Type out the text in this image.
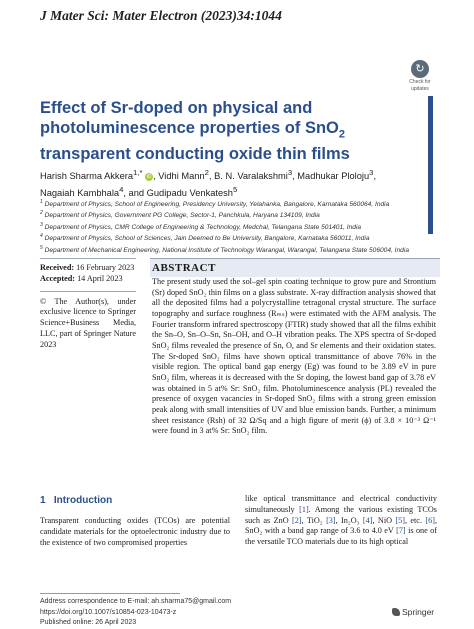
J Mater Sci: Mater Electron (2023)34:1044
↻
Check for
updates
Effect of Sr-doped on physical and photoluminescence properties of SnO$_2$ transparent conducting oxide thin films
Harish Sharma Akkera$^{1,*}$ iD , Vidhi Mann$^2$, B. N. Varalakshmi$^3$, Madhukar Ploloju$^3$,
Nagaiah Kambhala$^4$, and Gudipadu Venkatesh$^5$
$^1$ Department of Physics, School of Engineering, Presidency University, Yelahanka, Bangalore, Karnataka 560064, India
$^2$ Department of Physics, Government PG College, Sector-1, Panchkula, Haryana 134109, India
$^3$ Department of Physics, CMR College of Engineering & Technology, Medchal, Telangana State 501401, India
$^4$ Department of Physics, School of Sciences, Jain Deemed to Be University, Bangalore, Karnataka 560011, India
$^5$ Department of Mechanical Engineering, National Institute of Technology Warangal, Warangal, Telangana State 506004, India
Received: 16 February 2023
Accepted: 14 April 2023
© The Author(s), under exclusive licence to Springer Science+Business Media, LLC, part of Springer Nature 2023
ABSTRACT
The present study used the sol–gel spin coating technique to grow pure and Strontium (Sr) doped SnO₂ thin films on a glass substrate. X-ray diffraction analysis showed that all the deposited films had a polycrystalline tetragonal crystal structure. The surface topography and surface roughness (Rₘₛ) were estimated with the AFM analysis. The Fourier transform infrared spectroscopy (FTIR) study showed that all the films exhibit the Sn–O, Sn–O–Sn, Sn–OH, and O–H vibration peaks. The XPS spectra of Sr-doped SnO₂ films revealed the presence of Sn, O, and Sr elements and their oxidation states. The Sr-doped SnO₂ films have shown optical transmittance of above 76% in the visible region. The optical band gap energy (Eg) was found to be 3.89 eV in pure SnO₂ film, whereas it is decreased with the Sr doping, the lowest band gap of 3.78 eV was obtained in 5 at% Sr: SnO₂ film. Photoluminescence analysis (PL) revealed the presence of oxygen vacancies in Sr-doped SnO₂ films with a strong green emission peak along with small intensities of UV and blue emission bands. Further, a minimum sheet resistance (Rsh) of 32 Ω/Sq and a high figure of merit (ϕ) of 3.8 × 10⁻³ Ω⁻¹ were found in 3 at% Sr: SnO₂ film.
1 Introduction
Transparent conducting oxides (TCOs) are potential candidate materials for the optoelectronic industry due to the existence of two compromised properties
like optical transmittance and electrical conductivity simultaneously [1]. Among the various existing TCOs such as ZnO [2], TiO₂ [3], In₂O₃ [4], NiO [5], etc. [6], SnO₂ with a band gap range of 3.6 to 4.0 eV [7] is one of the versatile TCO materials due to its high optical
Address correspondence to E-mail: ah.sharma75@gmail.com
https://doi.org/10.1007/s10854-023-10473-z
Published online: 26 April 2023
Springer
